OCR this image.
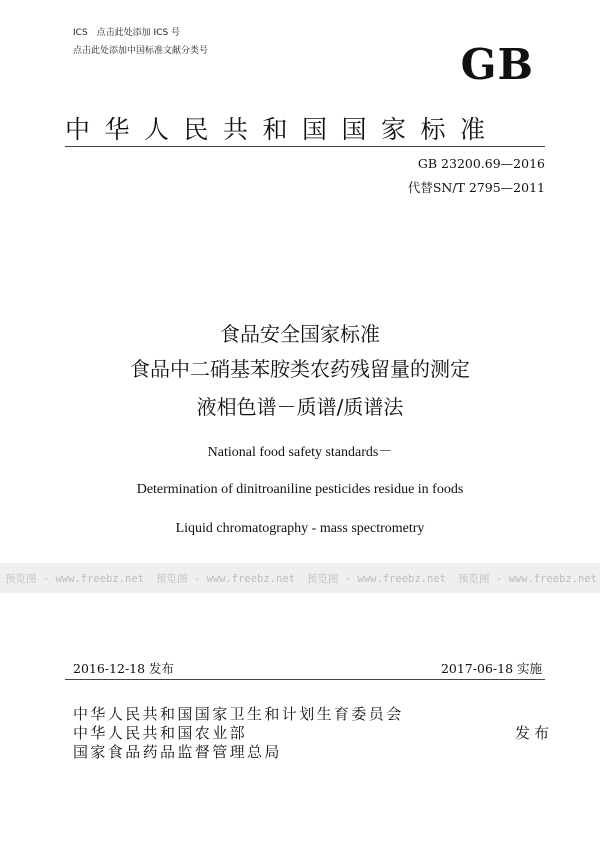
ICS　点击此处添加 ICS 号
点击此处添加中国标准文献分类号	GB
中华人民共和国国家标准
GB 23200.69—2016
代替SN/T 2795—2011
食品安全国家标准
食品中二硝基苯胺类农药残留量的测定
液相色谱－质谱/质谱法
National food safety standards－
Determination of dinitroaniline pesticides residue in foods
Liquid chromatography - mass spectrometry
预览图 - www.freebz.net	预览图 - www.freebz.net	预览图 - www.freebz.net	预览图 - www.freebz.net
2016-12-18 发布	2017-06-18 实施
中华人民共和国国家卫生和计划生育委员会
中华人民共和国农业部
国家食品药品监督管理总局
发布
